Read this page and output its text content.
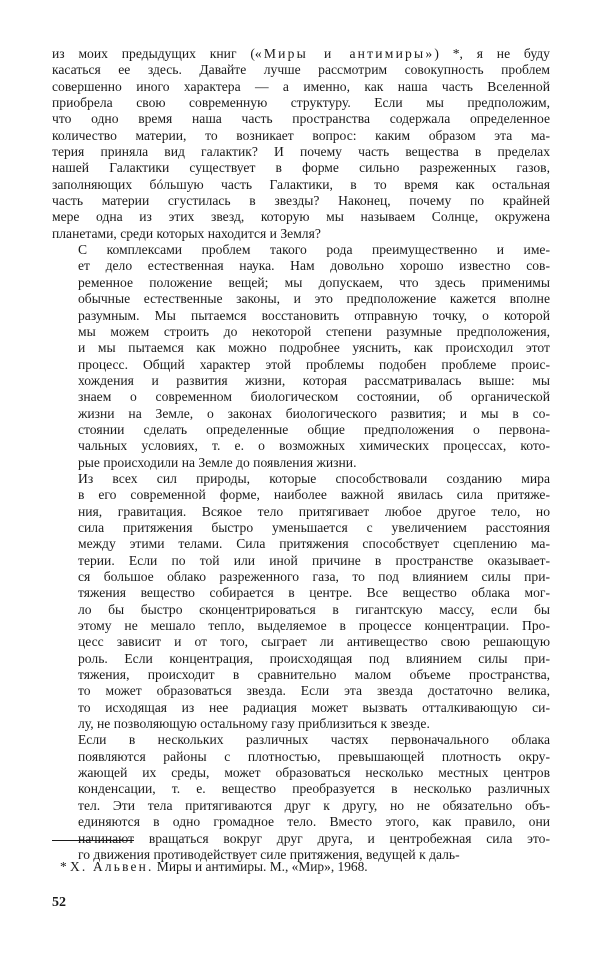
из моих предыдущих книг («Миры и антимиры») *, я не буду
касаться ее здесь. Давайте лучше рассмотрим совокупность проблем
совершенно иного характера — а именно, как наша часть Вселенной
приобрела свою современную структуру. Если мы предположим,
что одно время наша часть пространства содержала определенное
количество материи, то возникает вопрос: каким образом эта ма-
терия приняла вид галактик? И почему часть вещества в пределах
нашей Галактики существует в форме сильно разреженных газов,
заполняющих бóльшую часть Галактики, в то время как остальная
часть материи сгустилась в звезды? Наконец, почему по крайней
мере одна из этих звезд, которую мы называем Солнце, окружена
планетами, среди которых находится и Земля?
С комплексами проблем такого рода преимущественно и име-
ет дело естественная наука. Нам довольно хорошо известно сов-
ременное положение вещей; мы допускаем, что здесь применимы
обычные естественные законы, и это предположение кажется вполне
разумным. Мы пытаемся восстановить отправную точку, о которой
мы можем строить до некоторой степени разумные предположения,
и мы пытаемся как можно подробнее уяснить, как происходил этот
процесс. Общий характер этой проблемы подобен проблеме проис-
хождения и развития жизни, которая рассматривалась выше: мы
знаем о современном биологическом состоянии, об органической
жизни на Земле, о законах биологического развития; и мы в со-
стоянии сделать определенные общие предположения о первона-
чальных условиях, т. е. о возможных химических процессах, кото-
рые происходили на Земле до появления жизни.
Из всех сил природы, которые способствовали созданию мира
в его современной форме, наиболее важной явилась сила притяже-
ния, гравитация. Всякое тело притягивает любое другое тело, но
сила притяжения быстро уменьшается с увеличением расстояния
между этими телами. Сила притяжения способствует сцеплению ма-
терии. Если по той или иной причине в пространстве оказывает-
ся большое облако разреженного газа, то под влиянием силы при-
тяжения вещество собирается в центре. Все вещество облака мог-
ло бы быстро сконцентрироваться в гигантскую массу, если бы
этому не мешало тепло, выделяемое в процессе концентрации. Про-
цесс зависит и от того, сыграет ли антивещество свою решающую
роль. Если концентрация, происходящая под влиянием силы при-
тяжения, происходит в сравнительно малом объеме пространства,
то может образоваться звезда. Если эта звезда достаточно велика,
то исходящая из нее радиация может вызвать отталкивающую си-
лу, не позволяющую остальному газу приблизиться к звезде.
Если в нескольких различных частях первоначального облака
появляются районы с плотностью, превышающей плотность окру-
жающей их среды, может образоваться несколько местных центров
конденсации, т. е. вещество преобразуется в несколько различных
тел. Эти тела притягиваются друг к другу, но не обязательно объ-
единяются в одно громадное тело. Вместо этого, как правило, они
начинают вращаться вокруг друг друга, и центробежная сила это-
го движения противодействует силе притяжения, ведущей к даль-
* Х. Альвен. Миры и антимиры. М., «Мир», 1968.
52
